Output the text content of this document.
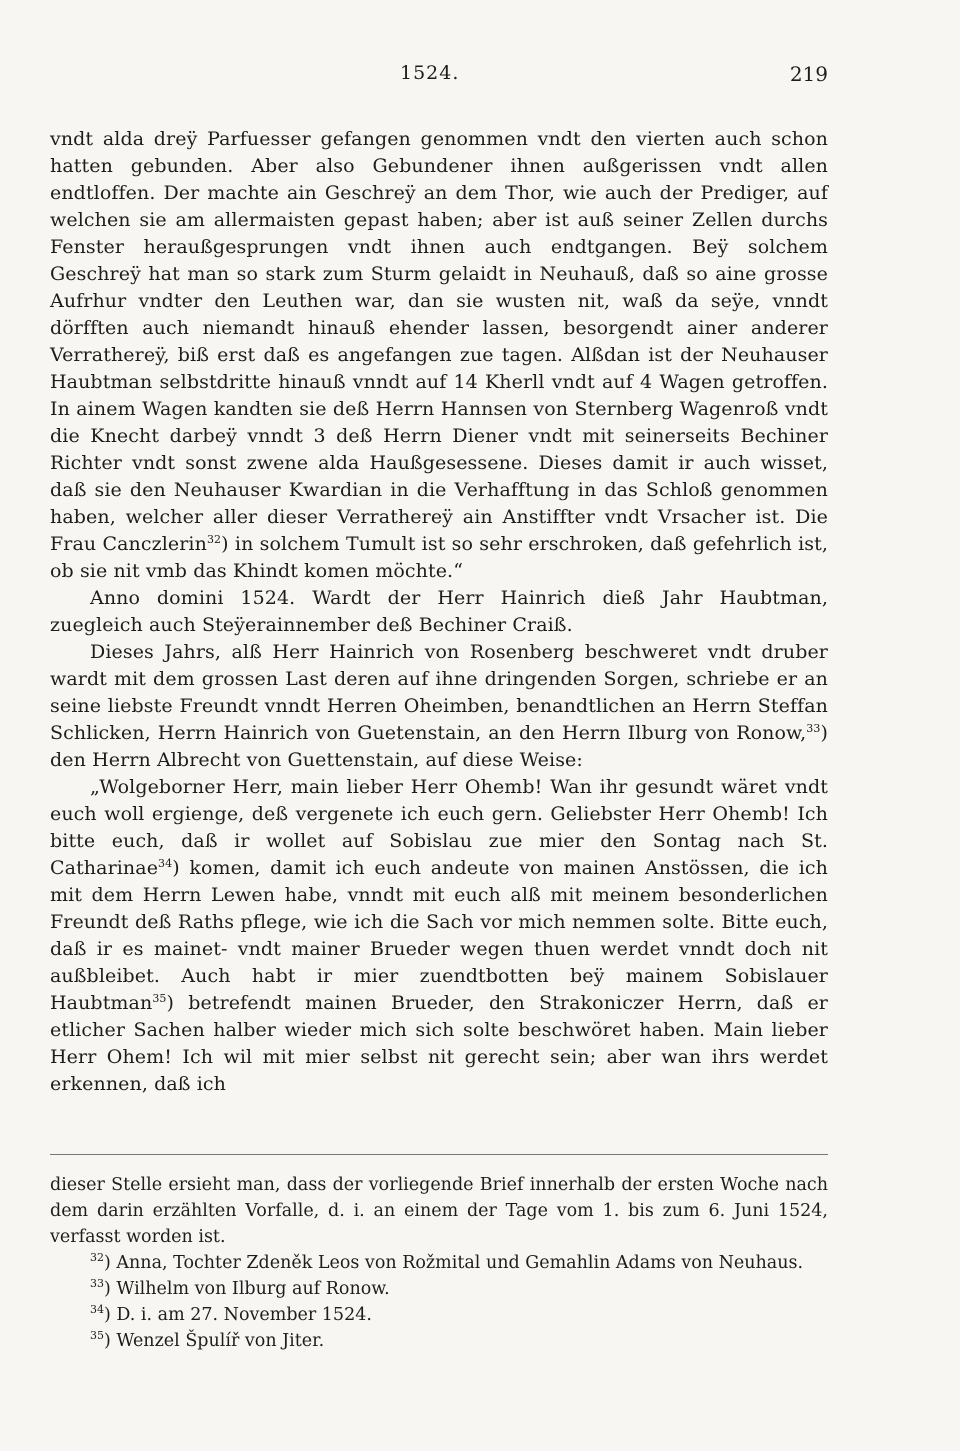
1524.	219

vndt alda dreÿ Parfuesser gefangen genommen vndt den vierten auch schon hatten gebunden. Aber also Gebundener ihnen außgerissen vndt allen endtloffen. Der machte ain Geschreÿ an dem Thor, wie auch der Prediger, auf welchen sie am allermaisten gepast haben; aber ist auß seiner Zellen durchs Fenster heraußgesprungen vndt ihnen auch endtgangen. Beÿ solchem Geschreÿ hat man so stark zum Sturm gelaidt in Neuhauß, daß so aine grosse Aufrhur vndter den Leuthen war, dan sie wusten nit, waß da seÿe, vnndt dörfften auch niemandt hinauß ehender lassen, besorgendt ainer anderer Verratherеÿ, biß erst daß es angefangen zue tagen. Alßdan ist der Neuhauser Haubtman selbstdritte hinauß vnndt auf 14 Kherll vndt auf 4 Wagen getroffen. In ainem Wagen kandten sie deß Herrn Hannsen von Sternberg Wagenroß vndt die Knecht darbeÿ vnndt 3 deß Herrn Diener vndt mit seinerseits Bechiner Richter vndt sonst zwene alda Haußgesessene. Dieses damit ir auch wisset, daß sie den Neuhauser Kwardian in die Verhafftung in das Schloß genommen haben, welcher aller dieser Verratherеÿ ain Anstiffter vndt Vrsacher ist. Die Frau Canczlerin$^{32}$) in solchem Tumult ist so sehr erschroken, daß gefehrlich ist, ob sie nit vmb das Khindt komen möchte.“

Anno domini 1524. Wardt der Herr Hainrich dieß Jahr Haubtman, zuegleich auch Steÿerainnember deß Bechiner Craiß.

Dieses Jahrs, alß Herr Hainrich von Rosenberg beschweret vndt druber wardt mit dem grossen Last deren auf ihne dringenden Sorgen, schriebe er an seine liebste Freundt vnndt Herren Oheimben, benandtlichen an Herrn Steffan Schlicken, Herrn Hainrich von Guetenstain, an den Herrn Ilburg von Ronow,$^{33}$) den Herrn Albrecht von Guettenstain, auf diese Weise:

„Wolgeborner Herr, main lieber Herr Ohemb! Wan ihr gesundt wäret vndt euch woll ergienge, deß vergenete ich euch gern. Geliebster Herr Ohemb! Ich bitte euch, daß ir wollet auf Sobislau zue mier den Sontag nach St. Catharinae$^{34}$) komen, damit ich euch andeute von mainen Anstössen, die ich mit dem Herrn Lewen habe, vnndt mit euch alß mit meinem besonderlichen Freundt deß Raths pflege, wie ich die Sach vor mich nemmen solte. Bitte euch, daß ir es mainet- vndt mainer Brueder wegen thuen werdet vnndt doch nit außbleibet. Auch habt ir mier zuendtbotten beÿ mainem Sobislauer Haubtman$^{35}$) betrefendt mainen Brueder, den Strakoniczer Herrn, daß er etlicher Sachen halber wieder mich sich solte beschwöret haben. Main lieber Herr Ohem! Ich wil mit mier selbst nit gerecht sein; aber wan ihrs werdet erkennen, daß ich

dieser Stelle ersieht man, dass der vorliegende Brief innerhalb der ersten Woche nach dem darin erzählten Vorfalle, d. i. an einem der Tage vom 1. bis zum 6. Juni 1524, verfasst worden ist.

$^{32}$) Anna, Tochter Zdeněk Leos von Rožmital und Gemahlin Adams von Neuhaus.

$^{33}$) Wilhelm von Ilburg auf Ronow.

$^{34}$) D. i. am 27. November 1524.

$^{35}$) Wenzel Špulíř von Jiter.
